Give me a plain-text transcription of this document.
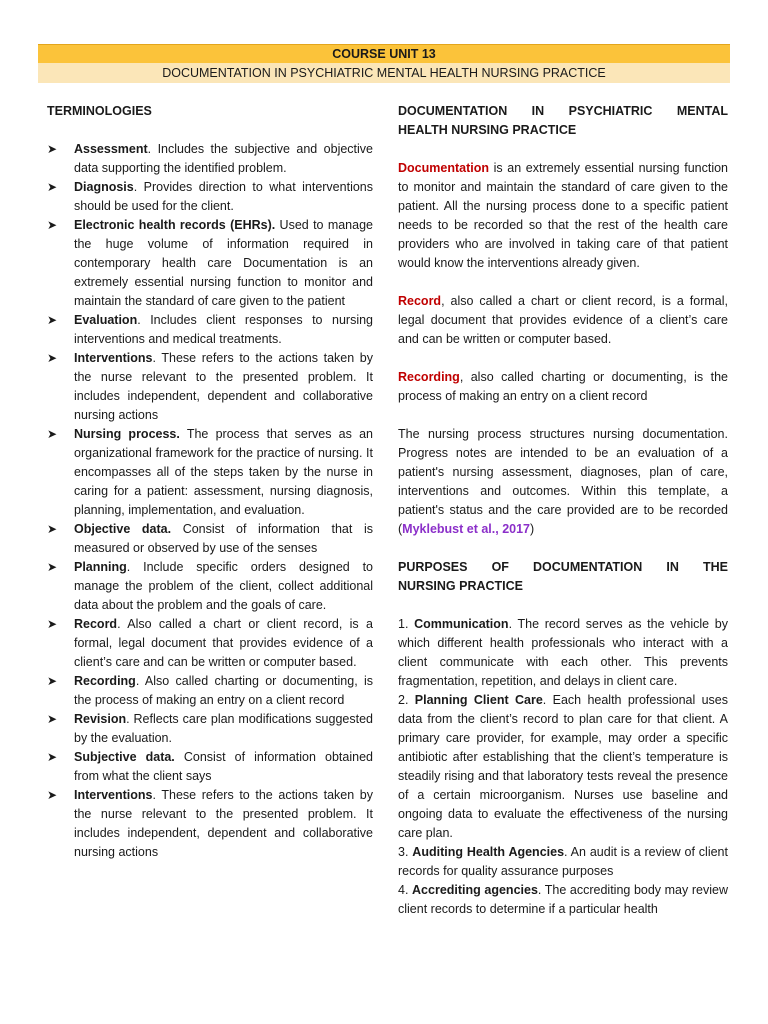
COURSE UNIT 13
DOCUMENTATION IN PSYCHIATRIC MENTAL HEALTH NURSING PRACTICE
TERMINOLOGIES
➤ Assessment. Includes the subjective and objective data supporting the identified problem.
➤ Diagnosis. Provides direction to what interventions should be used for the client.
➤ Electronic health records (EHRs). Used to manage the huge volume of information required in contemporary health care Documentation is an extremely essential nursing function to monitor and maintain the standard of care given to the patient
➤ Evaluation. Includes client responses to nursing interventions and medical treatments.
➤ Interventions. These refers to the actions taken by the nurse relevant to the presented problem. It includes independent, dependent and collaborative nursing actions
➤ Nursing process. The process that serves as an organizational framework for the practice of nursing. It encompasses all of the steps taken by the nurse in caring for a patient: assessment, nursing diagnosis, planning, implementation, and evaluation.
➤ Objective data. Consist of information that is measured or observed by use of the senses
➤ Planning. Include specific orders designed to manage the problem of the client, collect additional data about the problem and the goals of care.
➤ Record. Also called a chart or client record, is a formal, legal document that provides evidence of a client’s care and can be written or computer based.
➤ Recording. Also called charting or documenting, is the process of making an entry on a client record
➤ Revision. Reflects care plan modifications suggested by the evaluation.
➤ Subjective data. Consist of information obtained from what the client says
➤ Interventions. These refers to the actions taken by the nurse relevant to the presented problem. It includes independent, dependent and collaborative nursing actions
DOCUMENTATION IN PSYCHIATRIC MENTAL
HEALTH NURSING PRACTICE

Documentation is an extremely essential nursing function to monitor and maintain the standard of care given to the patient. All the nursing process done to a specific patient needs to be recorded so that the rest of the health care providers who are involved in taking care of that patient would know the interventions already given.

Record, also called a chart or client record, is a formal, legal document that provides evidence of a client’s care and can be written or computer based.

Recording, also called charting or documenting, is the process of making an entry on a client record

The nursing process structures nursing documentation. Progress notes are intended to be an evaluation of a patient's nursing assessment, diagnoses, plan of care, interventions and outcomes. Within this template, a patient's status and the care provided are to be recorded (Myklebust et al., 2017)

PURPOSES OF DOCUMENTATION IN THE
NURSING PRACTICE

1. Communication. The record serves as the vehicle by which different health professionals who interact with a client communicate with each other. This prevents fragmentation, repetition, and delays in client care.

2. Planning Client Care. Each health professional uses data from the client’s record to plan care for that client. A primary care provider, for example, may order a specific antibiotic after establishing that the client’s temperature is steadily rising and that laboratory tests reveal the presence of a certain microorganism. Nurses use baseline and ongoing data to evaluate the effectiveness of the nursing care plan.

3. Auditing Health Agencies. An audit is a review of client records for quality assurance purposes

4. Accrediting agencies. The accrediting body may review client records to determine if a particular health
